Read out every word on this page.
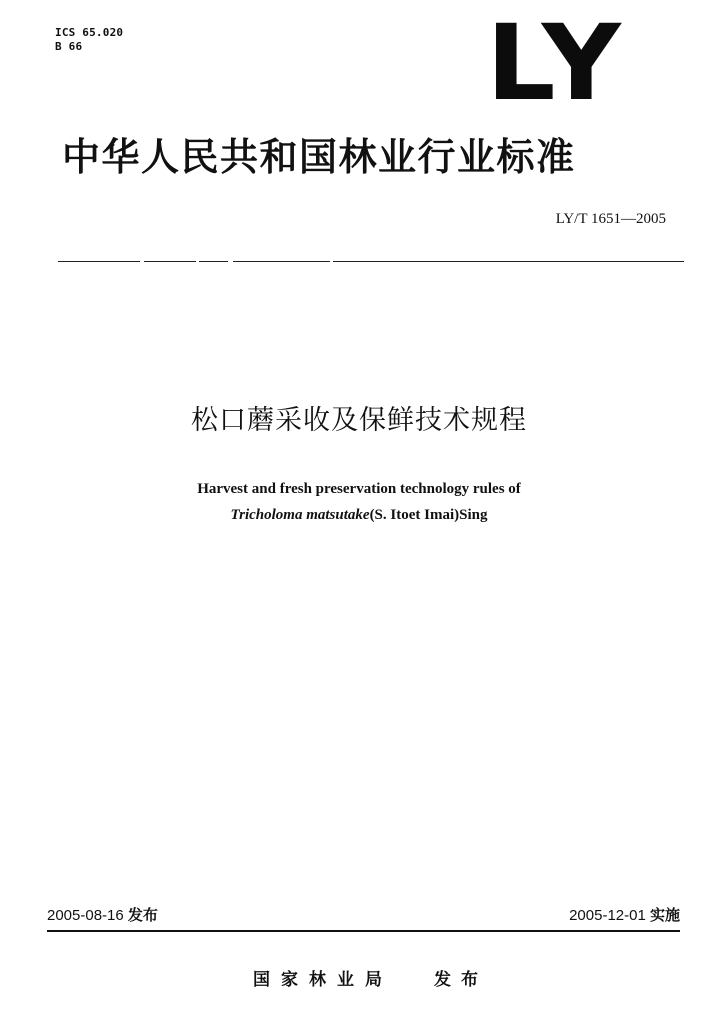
ICS 65.020
B 66	LY
中华人民共和国林业行业标准
LY/T 1651—2005
松口蘑采收及保鲜技术规程
Harvest and fresh preservation technology rules of
Tricholoma matsutake(S. Itoet Imai)Sing
2005-08-16 发布	2005-12-01 实施
国家林业局 发布
